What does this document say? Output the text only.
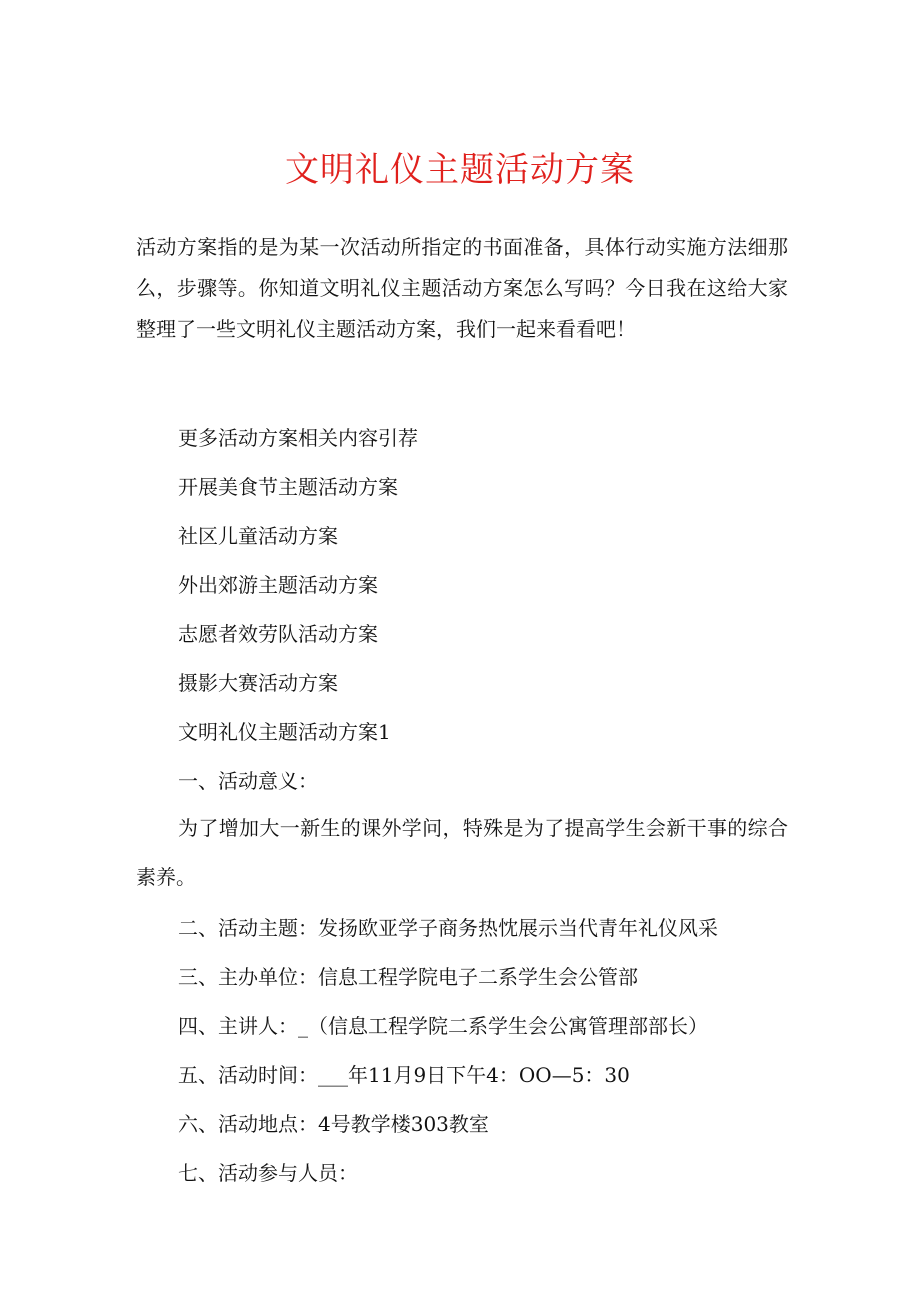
文明礼仪主题活动方案
活动方案指的是为某一次活动所指定的书面准备，具体行动实施方法细那么，步骤等。你知道文明礼仪主题活动方案怎么写吗？今日我在这给大家整理了一些文明礼仪主题活动方案，我们一起来看看吧！
更多活动方案相关内容引荐
开展美食节主题活动方案
社区儿童活动方案
外出郊游主题活动方案
志愿者效劳队活动方案
摄影大赛活动方案
文明礼仪主题活动方案1
一、活动意义：
为了增加大一新生的课外学问，特殊是为了提高学生会新干事的综合素养。
二、活动主题：发扬欧亚学子商务热忱展示当代青年礼仪风采
三、主办单位：信息工程学院电子二系学生会公管部
四、主讲人：_（信息工程学院二系学生会公寓管理部部长）
五、活动时间：___年11月9日下午4：OO—5：30
六、活动地点：4号教学楼303教室
七、活动参与人员：
